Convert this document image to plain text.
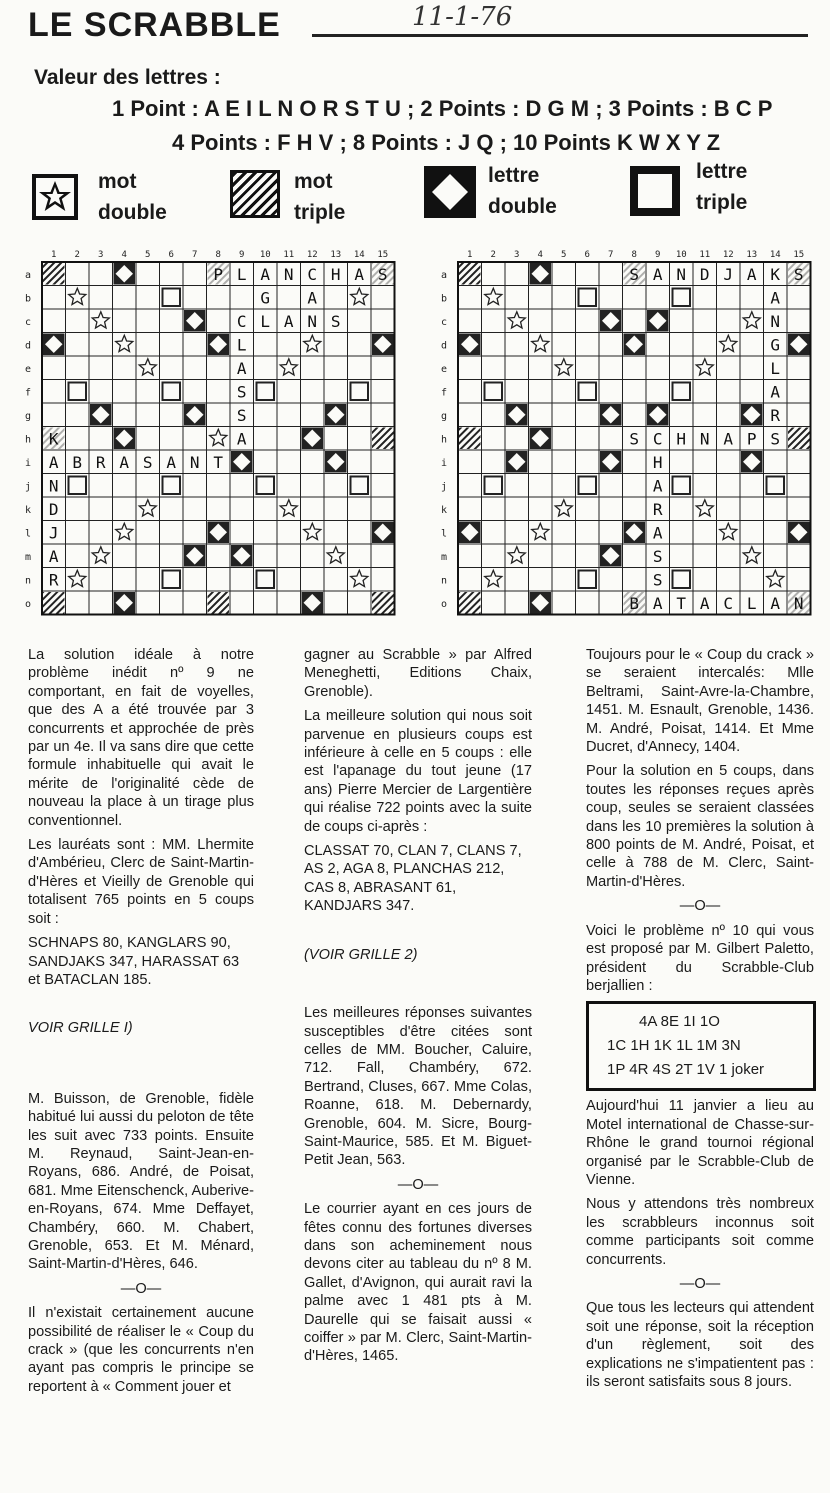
LE SCRABBLE	11-1-76
Valeur des lettres :
1 Point : A E I L N O R S T U ; 2 Points : D G M ; 3 Points : B C P
4 Points : F H V ; 8 Points : J Q ; 10 Points K W X Y Z
mot
double
mot
triple
lettre
double
lettre
triple
1 2 3 4 5 6 7 8 9 10 11 12 13 14 15
a
b
c
d
e
f
g
h
i
j
k
l
m
n
o
P L A N C H A S
G A
C L A N S
L
A
S
S
K	A
A B R A S A N T
N
D
J
A
R
1 2 3 4 5 6 7 8 9 10 11 12 13 14 15
a
b
c
d
e
f
g
h
i
j
k
l
m
n
o
S A N D J A K S
A
N
G
L
A
R
S C H N A P S
H
A
R
A
S
S
B A T A C L A N

La solution idéale à notre problème inédit nº 9 ne comportant, en fait de voyelles, que des A a été trouvée par 3 concurrents et approchée de près par un 4e. Il va sans dire que cette formule inhabituelle qui avait le mérite de l'originalité cède de nouveau la place à un tirage plus conventionnel.

Les lauréats sont : MM. Lhermite d'Ambérieu, Clerc de Saint-Martin-d'Hères et Vieilly de Grenoble qui totalisent 765 points en 5 coups soit :

SCHNAPS 80, KANGLARS 90, SANDJAKS 347, HARASSAT 63 et BATACLAN 185.

VOIR GRILLE I)

M. Buisson, de Grenoble, fidèle habitué lui aussi du peloton de tête les suit avec 733 points. Ensuite M. Reynaud, Saint-Jean-en-Royans, 686. André, de Poisat, 681. Mme Eitenschenck, Auberive-en-Royans, 674. Mme Deffayet, Chambéry, 660. M. Chabert, Grenoble, 653. Et M. Ménard, Saint-Martin-d'Hères, 646.

—O—

Il n'existait certainement aucune possibilité de réaliser le « Coup du crack » (que les concurrents n'en ayant pas compris le principe se reportent à « Comment jouer et

gagner au Scrabble » par Alfred Meneghetti, Editions Chaix, Grenoble).

La meilleure solution qui nous soit parvenue en plusieurs coups est inférieure à celle en 5 coups : elle est l'apanage du tout jeune (17 ans) Pierre Mercier de Largentière qui réalise 722 points avec la suite de coups ci-après :

CLASSAT 70, CLAN 7, CLANS 7, AS 2, AGA 8, PLANCHAS 212, CAS 8, ABRASANT 61, KANDJARS 347.

(VOIR GRILLE 2)

Les meilleures réponses suivantes susceptibles d'être citées sont celles de MM. Boucher, Caluire, 712. Fall, Chambéry, 672. Bertrand, Cluses, 667. Mme Colas, Roanne, 618. M. Debernardy, Grenoble, 604. M. Sicre, Bourg-Saint-Maurice, 585. Et M. Biguet-Petit Jean, 563.

—O—

Le courrier ayant en ces jours de fêtes connu des fortunes diverses dans son acheminement nous devons citer au tableau du nº 8 M. Gallet, d'Avignon, qui aurait ravi la palme avec 1 481 pts à M. Daurelle qui se faisait aussi « coiffer » par M. Clerc, Saint-Martin-d'Hères, 1465.

Toujours pour le « Coup du crack » se seraient intercalés: Mlle Beltrami, Saint-Avre-la-Chambre, 1451. M. Esnault, Grenoble, 1436. M. André, Poisat, 1414. Et Mme Ducret, d'Annecy, 1404.

Pour la solution en 5 coups, dans toutes les réponses reçues après coup, seules se seraient classées dans les 10 premières la solution à 800 points de M. André, Poisat, et celle à 788 de M. Clerc, Saint-Martin-d'Hères.

—O—

Voici le problème nº 10 qui vous est proposé par M. Gilbert Paletto, président du Scrabble-Club berjallien :

4A 8E 1I 1O
1C 1H 1K 1L 1M 3N
1P 4R 4S 2T 1V 1 joker

Aujourd'hui 11 janvier a lieu au Motel international de Chasse-sur-Rhône le grand tournoi régional organisé par le Scrabble-Club de Vienne.

Nous y attendons très nombreux les scrabbleurs inconnus soit comme participants soit comme concurrents.

—O—

Que tous les lecteurs qui attendent soit une réponse, soit la réception d'un règlement, soit des explications ne s'impatientent pas : ils seront satisfaits sous 8 jours.
